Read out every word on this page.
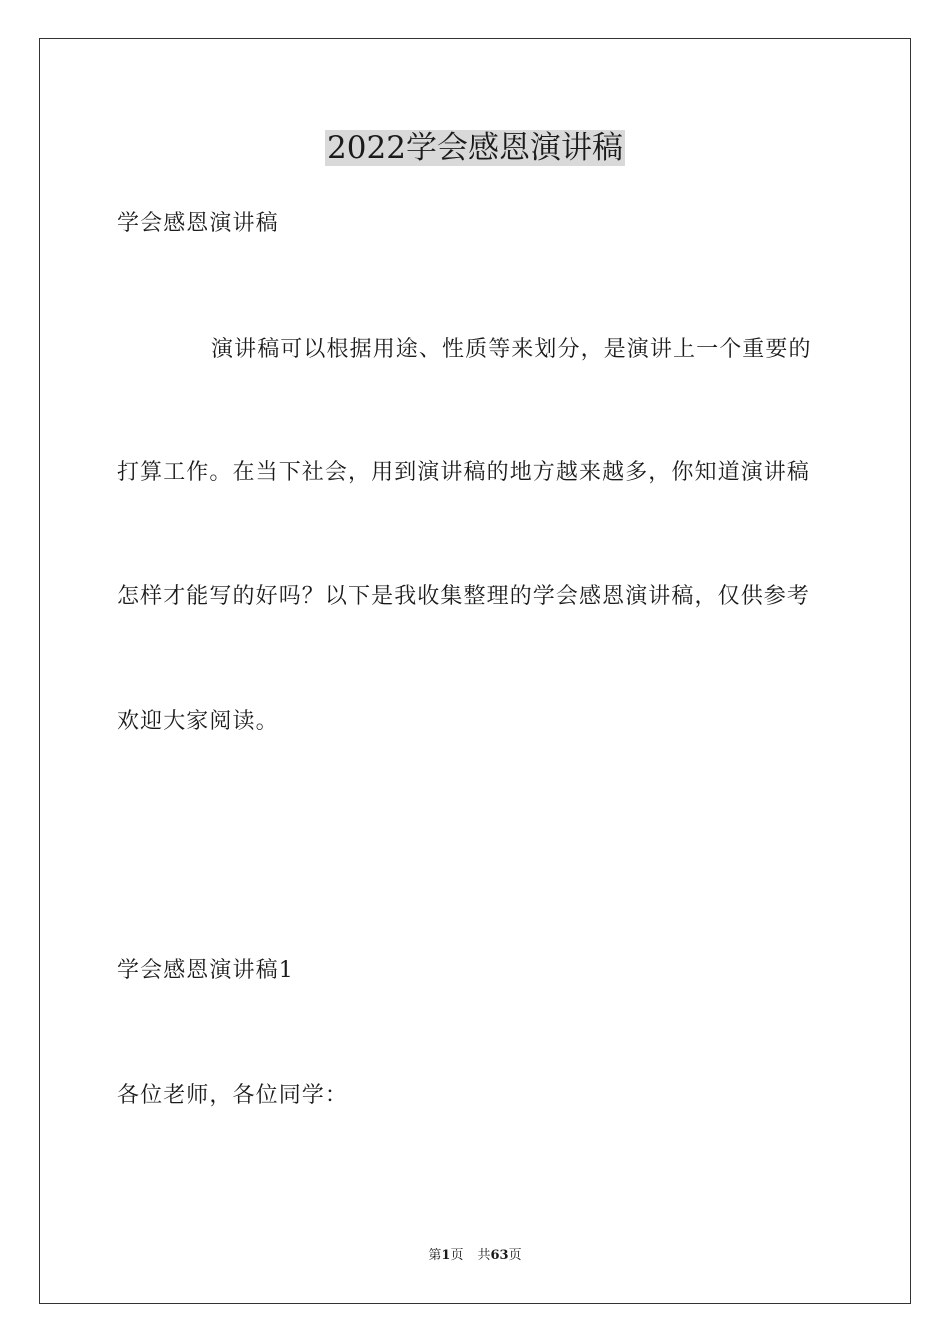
2022学会感恩演讲稿
学会感恩演讲稿
演讲稿可以根据用途、性质等来划分，是演讲上一个重要的
打算工作。在当下社会，用到演讲稿的地方越来越多，你知道演讲稿
怎样才能写的好吗？以下是我收集整理的学会感恩演讲稿，仅供参考
欢迎大家阅读。
学会感恩演讲稿1
各位老师，各位同学：
第1页 共63页
